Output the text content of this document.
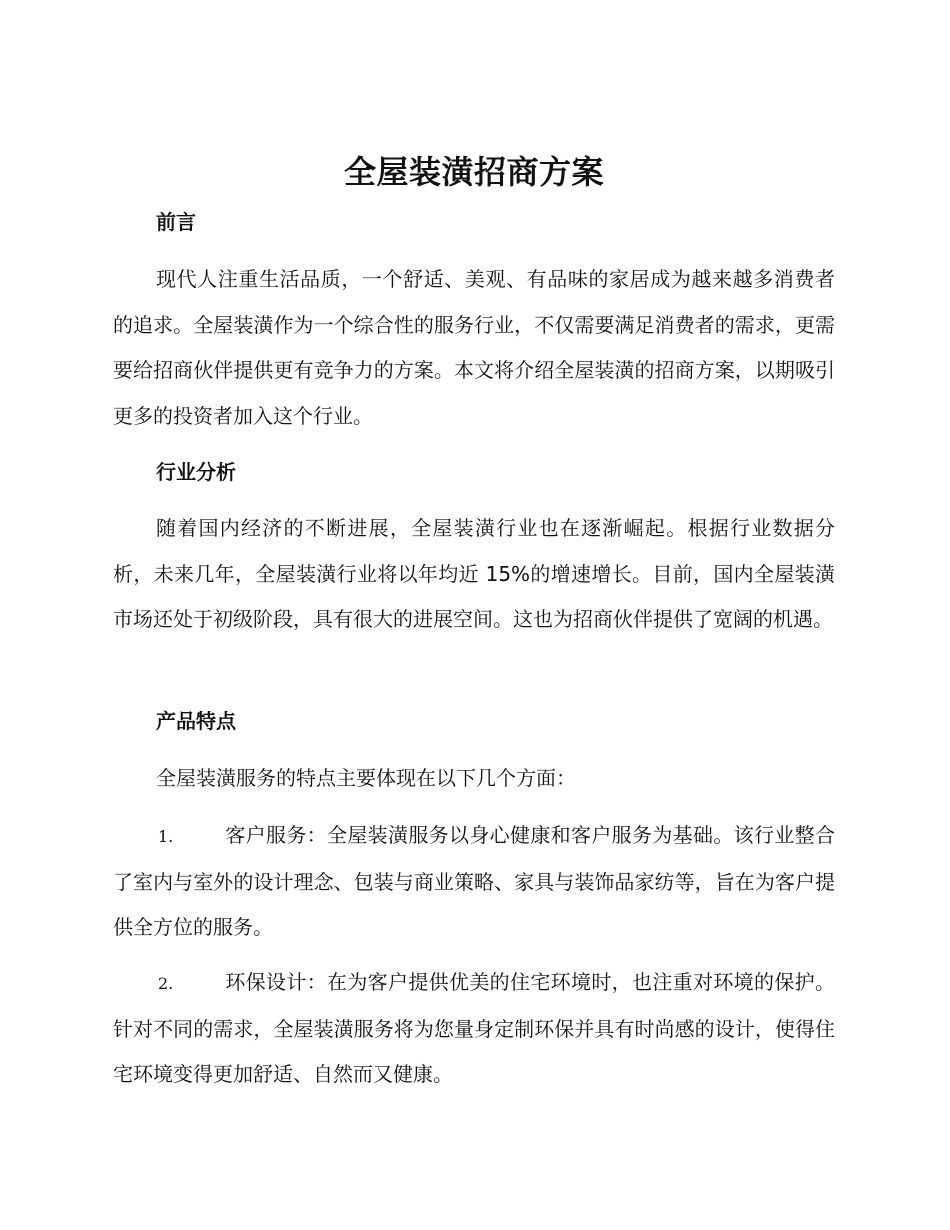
全屋装潢招商方案
前言

现代人注重生活品质，一个舒适、美观、有品味的家居成为越来越多消费者的追求。全屋装潢作为一个综合性的服务行业，不仅需要满足消费者的需求，更需要给招商伙伴提供更有竞争力的方案。本文将介绍全屋装潢的招商方案，以期吸引更多的投资者加入这个行业。

行业分析

随着国内经济的不断进展，全屋装潢行业也在逐渐崛起。根据行业数据分析，未来几年，全屋装潢行业将以年均近 15%的增速增长。目前，国内全屋装潢市场还处于初级阶段，具有很大的进展空间。这也为招商伙伴提供了宽阔的机遇。

产品特点

全屋装潢服务的特点主要体现在以下几个方面：

1.	客户服务：全屋装潢服务以身心健康和客户服务为基础。该行业整合了室内与室外的设计理念、包装与商业策略、家具与装饰品家纺等，旨在为客户提供全方位的服务。
2.	环保设计：在为客户提供优美的住宅环境时，也注重对环境的保护。针对不同的需求，全屋装潢服务将为您量身定制环保并具有时尚感的设计，使得住宅环境变得更加舒适、自然而又健康。
